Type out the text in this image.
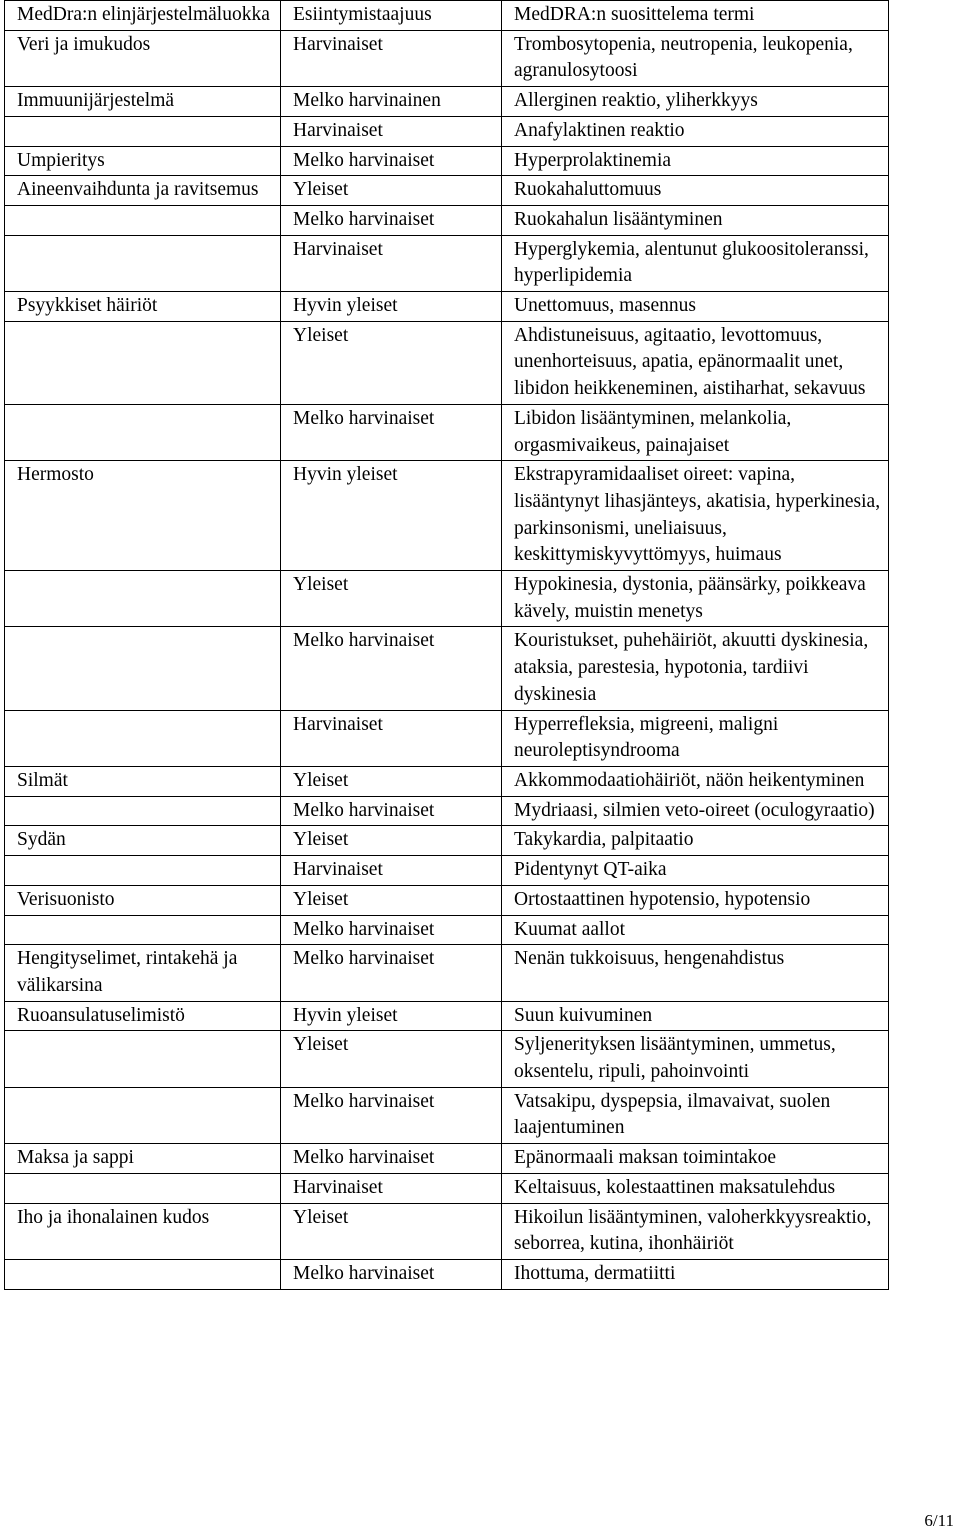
MedDra:n elinjärjestelmäluokka	Esiintymistaajuus	MedDRA:n suosittelema termi
Veri ja imukudos	Harvinaiset	Trombosytopenia, neutropenia, leukopenia, agranulosytoosi
Immuunijärjestelmä	Melko harvinainen	Allerginen reaktio, yliherkkyys
	Harvinaiset	Anafylaktinen reaktio
Umpieritys	Melko harvinaiset	Hyperprolaktinemia
Aineenvaihdunta ja ravitsemus	Yleiset	Ruokahaluttomuus
	Melko harvinaiset	Ruokahalun lisääntyminen
	Harvinaiset	Hyperglykemia, alentunut glukoositoleranssi, hyperlipidemia
Psyykkiset häiriöt	Hyvin yleiset	Unettomuus, masennus
	Yleiset	Ahdistuneisuus, agitaatio, levottomuus, unenhorteisuus, apatia, epänormaalit unet, libidon heikkeneminen, aistiharhat, sekavuus
	Melko harvinaiset	Libidon lisääntyminen, melankolia, orgasmivaikeus, painajaiset
Hermosto	Hyvin yleiset	Ekstrapyramidaaliset oireet: vapina, lisääntynyt lihasjänteys, akatisia, hyperkinesia, parkinsonismi, uneliaisuus, keskittymiskyvyttömyys, huimaus
	Yleiset	Hypokinesia, dystonia, päänsärky, poikkeava kävely, muistin menetys
	Melko harvinaiset	Kouristukset, puhehäiriöt, akuutti dyskinesia, ataksia, parestesia, hypotonia, tardiivi dyskinesia
	Harvinaiset	Hyperrefleksia, migreeni, maligni neuroleptisyndrooma
Silmät	Yleiset	Akkommodaatiohäiriöt, näön heikentyminen
	Melko harvinaiset	Mydriaasi, silmien veto-oireet (oculogyraatio)
Sydän	Yleiset	Takykardia, palpitaatio
	Harvinaiset	Pidentynyt QT-aika
Verisuonisto	Yleiset	Ortostaattinen hypotensio, hypotensio
	Melko harvinaiset	Kuumat aallot
Hengityselimet, rintakehä ja välikarsina	Melko harvinaiset	Nenän tukkoisuus, hengenahdistus
Ruoansulatuselimistö	Hyvin yleiset	Suun kuivuminen
	Yleiset	Syljenerityksen lisääntyminen, ummetus, oksentelu, ripuli, pahoinvointi
	Melko harvinaiset	Vatsakipu, dyspepsia, ilmavaivat, suolen laajentuminen
Maksa ja sappi	Melko harvinaiset	Epänormaali maksan toimintakoe
	Harvinaiset	Keltaisuus, kolestaattinen maksatulehdus
Iho ja ihonalainen kudos	Yleiset	Hikoilun lisääntyminen, valoherkkyysreaktio, seborrea, kutina, ihonhäiriöt
	Melko harvinaiset	Ihottuma, dermatiitti
6/11
